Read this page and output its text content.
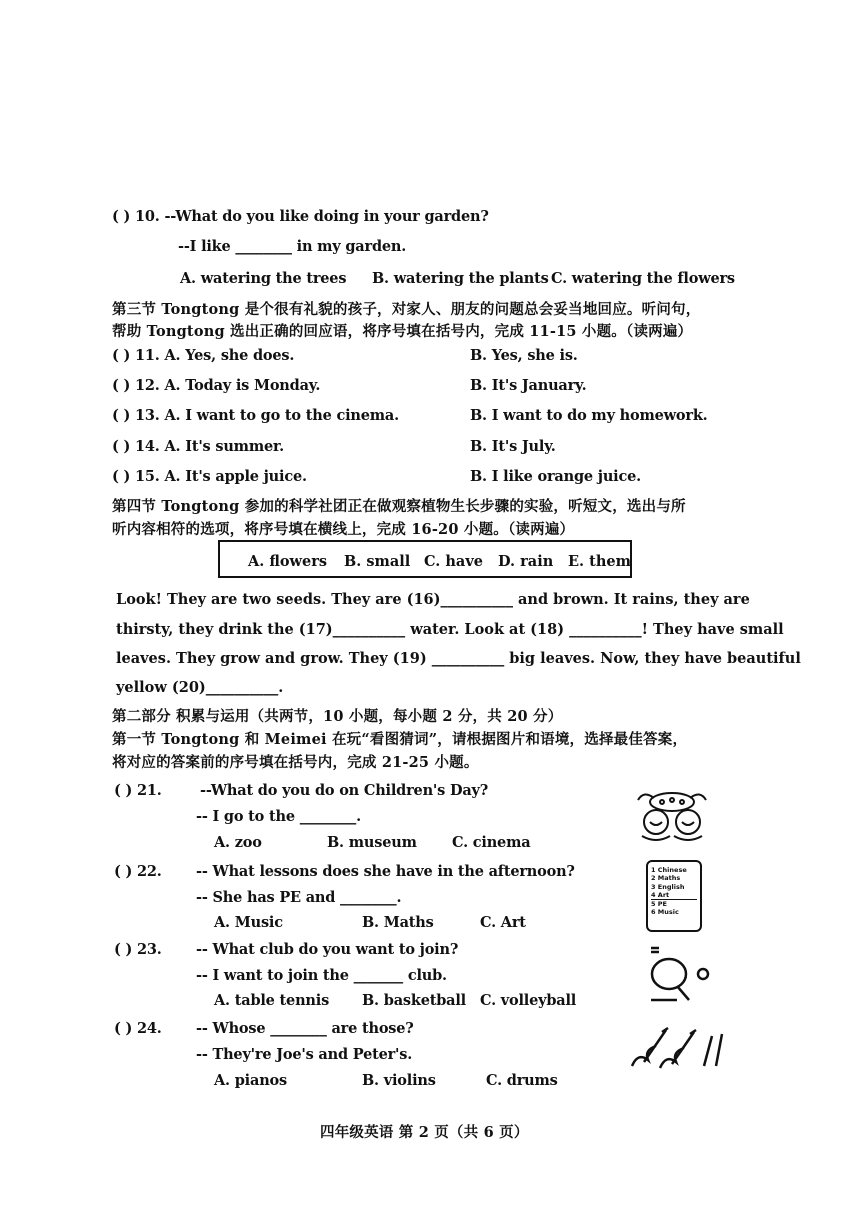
( ) 10. --What do you like doing in your garden?
--I like ________ in my garden.
A. watering the trees B. watering the plants C. watering the flowers
第三节 Tongtong 是个很有礼貌的孩子，对家人、朋友的问题总会妥当地回应。听问句，
帮助 Tongtong 选出正确的回应语，将序号填在括号内，完成 11-15 小题。（读两遍）
( ) 11. A. Yes, she does.	B. Yes, she is.
( ) 12. A. Today is Monday.	B. It's January.
( ) 13. A. I want to go to the cinema.	B. I want to do my homework.
( ) 14. A. It's summer.	B. It's July.
( ) 15. A. It's apple juice.	B. I like orange juice.
第四节 Tongtong 参加的科学社团正在做观察植物生长步骤的实验，听短文，选出与所
听内容相符的选项，将序号填在横线上，完成 16-20 小题。（读两遍）
A. flowers B. small C. have D. rain E. them
Look! They are two seeds. They are (16)__________ and brown. It rains, they are
thirsty, they drink the (17)__________ water. Look at (18) __________! They have small
leaves. They grow and grow. They (19) __________ big leaves. Now, they have beautiful
yellow (20)__________.
第二部分 积累与运用（共两节，10 小题，每小题 2 分，共 20 分）
第一节 Tongtong 和 Meimei 在玩“看图猜词”，请根据图片和语境，选择最佳答案，
将对应的答案前的序号填在括号内，完成 21-25 小题。
( ) 21.	--What do you do on Children's Day?
-- I go to the ________.
A. zoo	B. museum C. cinema
( ) 22. -- What lessons does she have in the afternoon?
-- She has PE and ________.
A. Music	B. Maths	C. Art
( ) 23. -- What club do you want to join?
-- I want to join the _______ club.
A. table tennis B. basketball C. volleyball
( ) 24. -- Whose ________ are those?
-- They're Joe's and Peter's.
A. pianos	B. violins	C. drums
1 Chinese
2 Maths
3 English
4 Art
5 PE
6 Music
四年级英语 第 2 页（共 6 页）
